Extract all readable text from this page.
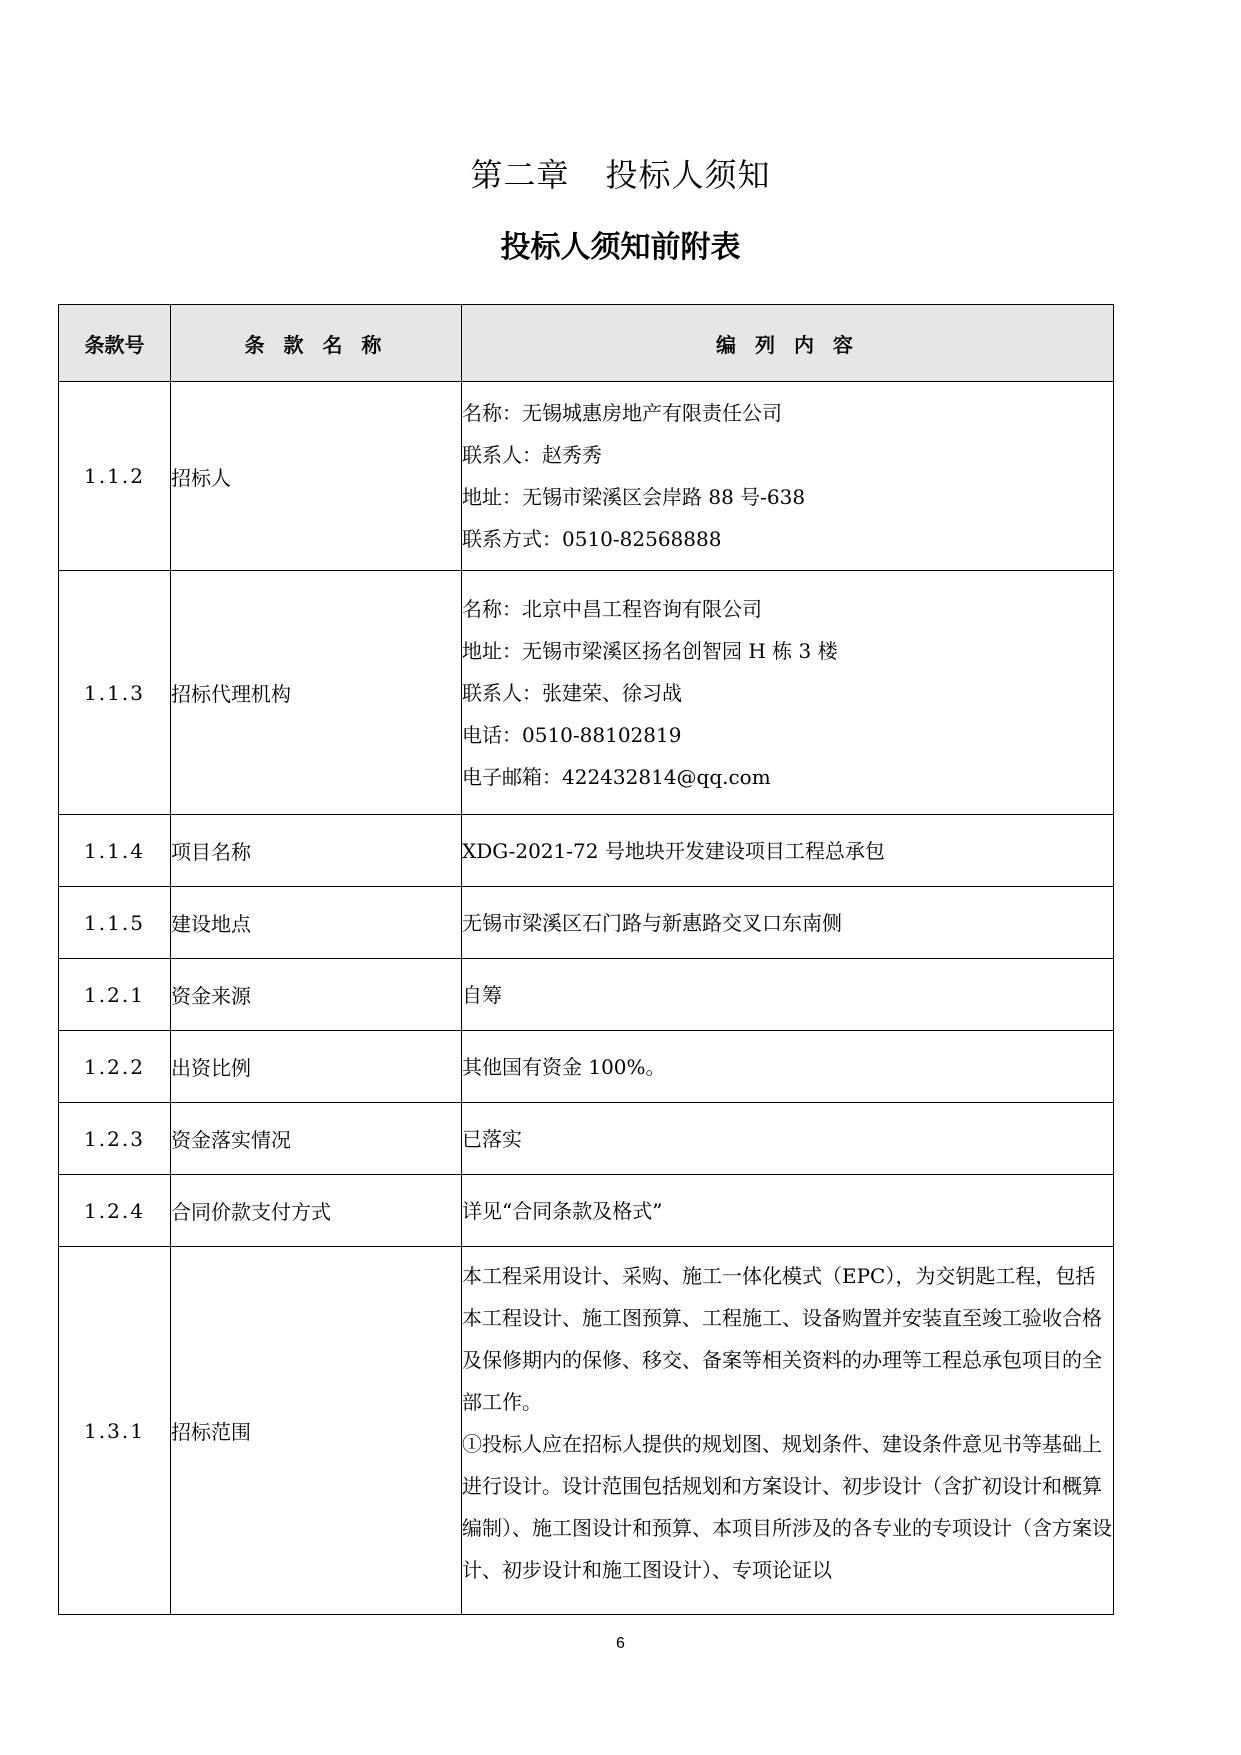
第二章 投标人须知
投标人须知前附表
条款号	条 款 名 称	编 列 内 容
1.1.2	招标人	名称：无锡城惠房地产有限责任公司
联系人：赵秀秀
地址：无锡市梁溪区会岸路 88 号-638
联系方式：0510-82568888

1.1.3	招标代理机构	名称：北京中昌工程咨询有限公司
地址：无锡市梁溪区扬名创智园 H 栋 3 楼
联系人：张建荣、徐习战
电话：0510-88102819
电子邮箱：422432814@qq.com

1.1.4	项目名称	XDG-2021-72 号地块开发建设项目工程总承包

1.1.5	建设地点	无锡市梁溪区石门路与新惠路交叉口东南侧

1.2.1	资金来源	自筹

1.2.2	出资比例	其他国有资金 100%。

1.2.3	资金落实情况	已落实

1.2.4	合同价款支付方式	详见“合同条款及格式”

1.3.1	招标范围	本工程采用设计、采购、施工一体化模式（EPC），为交钥匙工程，包括本工程设计、施工图预算、工程施工、设备购置并安装直至竣工验收合格及保修期内的保修、移交、备案等相关资料的办理等工程总承包项目的全部工作。
①投标人应在招标人提供的规划图、规划条件、建设条件意见书等基础上进行设计。设计范围包括规划和方案设计、初步设计（含扩初设计和概算编制）、施工图设计和预算、本项目所涉及的各专业的专项设计（含方案设计、初步设计和施工图设计）、专项论证以
6
